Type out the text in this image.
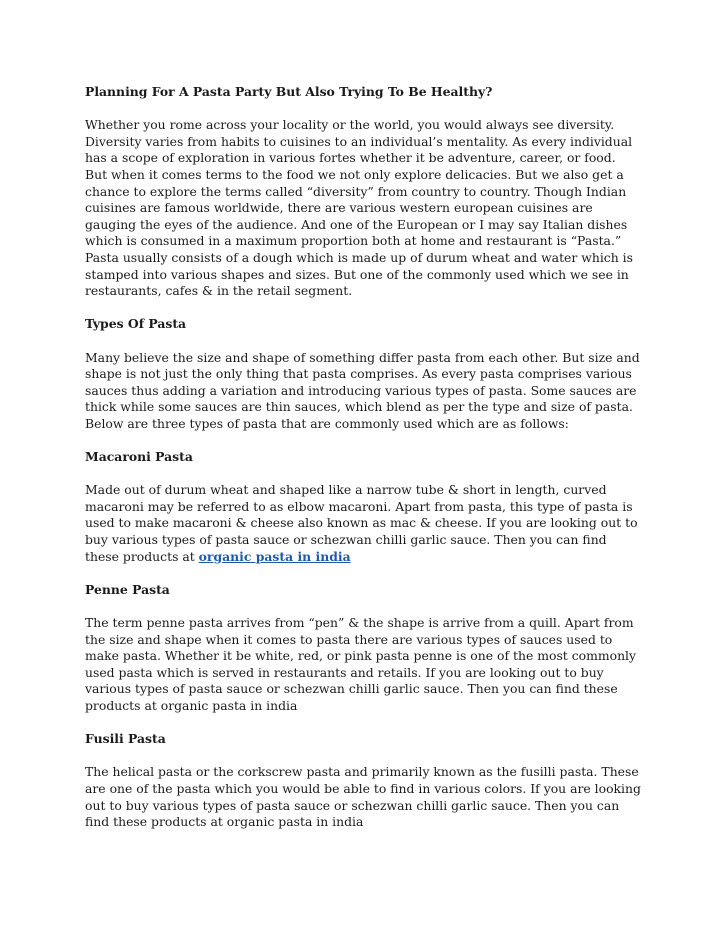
Planning For A Pasta Party But Also Trying To Be Healthy?

Whether you rome across your locality or the world, you would always see diversity. Diversity varies from habits to cuisines to an individual’s mentality. As every individual has a scope of exploration in various fortes whether it be adventure, career, or food. But when it comes terms to the food we not only explore delicacies. But we also get a chance to explore the terms called “diversity” from country to country. Though Indian cuisines are famous worldwide, there are various western european cuisines are gauging the eyes of the audience. And one of the European or I may say Italian dishes which is consumed in a maximum proportion both at home and restaurant is “Pasta.” Pasta usually consists of a dough which is made up of durum wheat and water which is stamped into various shapes and sizes. But one of the commonly used which we see in restaurants, cafes & in the retail segment.

Types Of Pasta

Many believe the size and shape of something differ pasta from each other. But size and shape is not just the only thing that pasta comprises. As every pasta comprises various sauces thus adding a variation and introducing various types of pasta. Some sauces are thick while some sauces are thin sauces, which blend as per the type and size of pasta. Below are three types of pasta that are commonly used which are as follows:

Macaroni Pasta

Made out of durum wheat and shaped like a narrow tube & short in length, curved macaroni may be referred to as elbow macaroni. Apart from pasta, this type of pasta is used to make macaroni & cheese also known as mac & cheese. If you are looking out to buy various types of pasta sauce or schezwan chilli garlic sauce. Then you can find these products at organic pasta in india

Penne Pasta

The term penne pasta arrives from “pen” & the shape is arrive from a quill. Apart from the size and shape when it comes to pasta there are various types of sauces used to make pasta. Whether it be white, red, or pink pasta penne is one of the most commonly used pasta which is served in restaurants and retails. If you are looking out to buy various types of pasta sauce or schezwan chilli garlic sauce. Then you can find these products at organic pasta in india

Fusili Pasta

The helical pasta or the corkscrew pasta and primarily known as the fusilli pasta. These are one of the pasta which you would be able to find in various colors. If you are looking out to buy various types of pasta sauce or schezwan chilli garlic sauce. Then you can find these products at organic pasta in india
